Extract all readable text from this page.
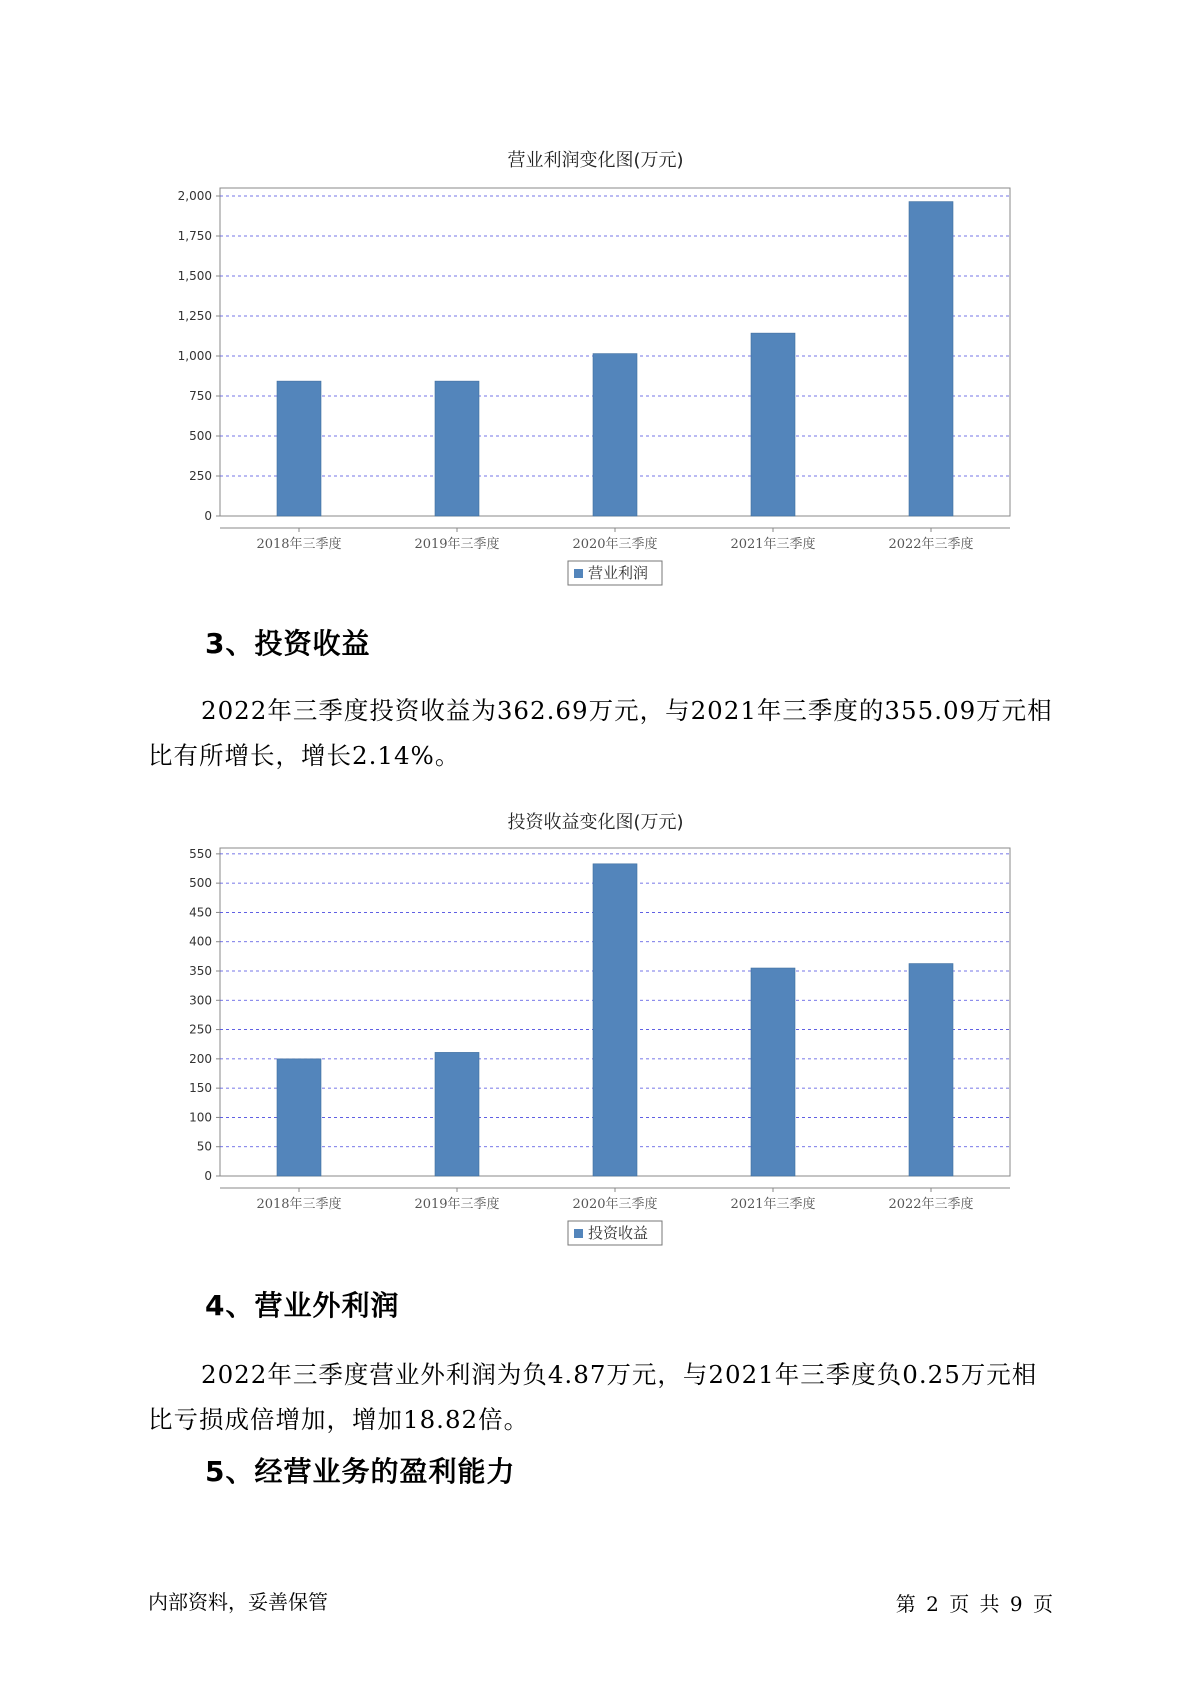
营业利润变化图(万元)
0
250
500
750
1,000
1,250
1,500
1,750
2,000
2018年三季度	2019年三季度	2020年三季度	2021年三季度	2022年三季度
营业利润
3、投资收益
2022年三季度投资收益为362.69万元，与2021年三季度的355.09万元相比有所增长，增长2.14%。
投资收益变化图(万元)
0
50
100
150
200
250
300
350
400
450
500
550
2018年三季度	2019年三季度	2020年三季度	2021年三季度	2022年三季度
投资收益
4、营业外利润
2022年三季度营业外利润为负4.87万元，与2021年三季度负0.25万元相比亏损成倍增加，增加18.82倍。
5、经营业务的盈利能力
内部资料，妥善保管	第 2 页 共 9 页
